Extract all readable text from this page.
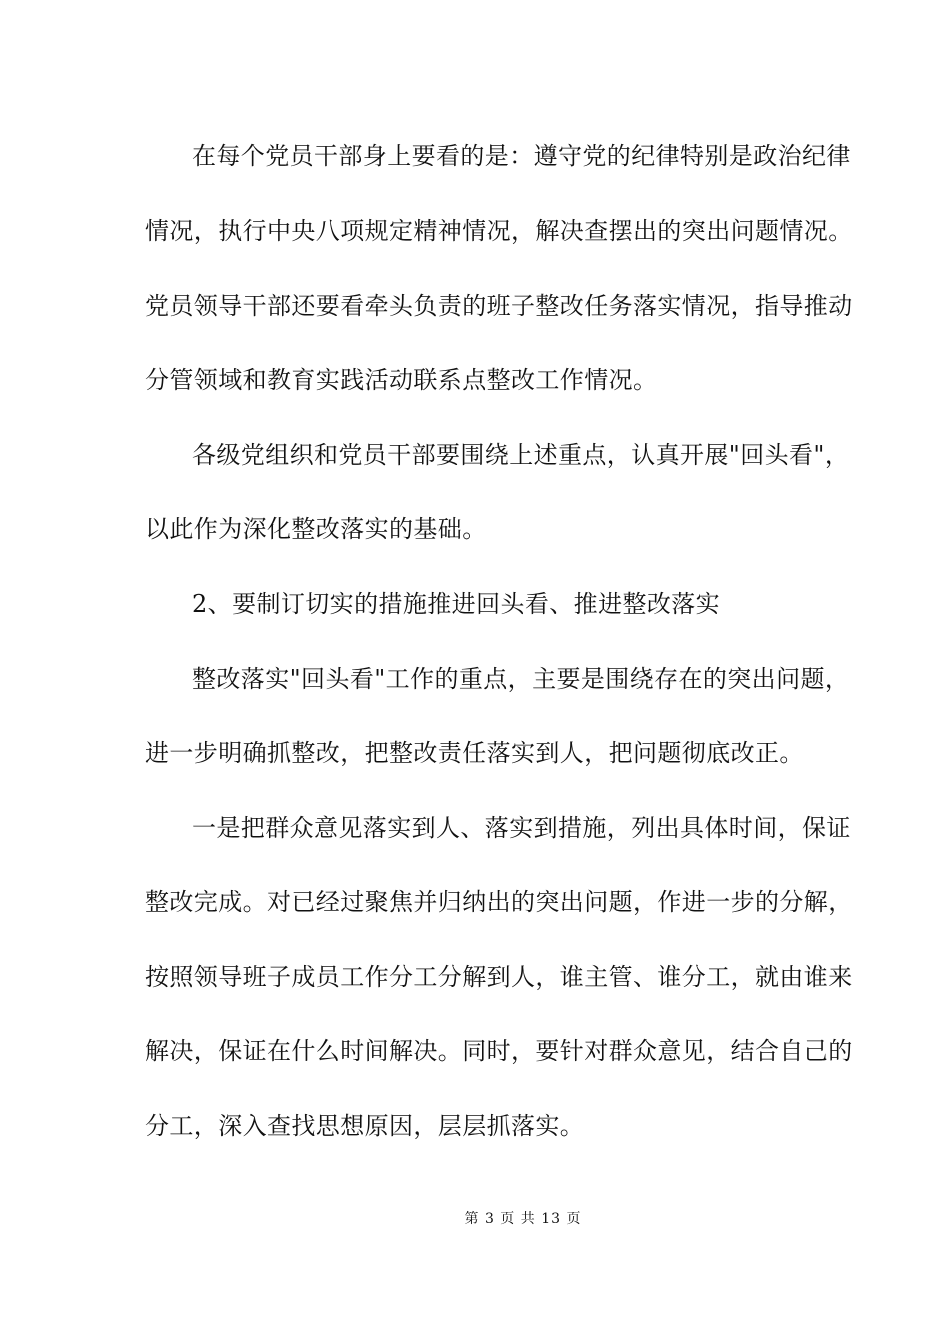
在每个党员干部身上要看的是：遵守党的纪律特别是政治纪律
情况，执行中央八项规定精神情况，解决查摆出的突出问题情况。
党员领导干部还要看牵头负责的班子整改任务落实情况，指导推动
分管领域和教育实践活动联系点整改工作情况。
各级党组织和党员干部要围绕上述重点，认真开展"回头看"，
以此作为深化整改落实的基础。
2、要制订切实的措施推进回头看、推进整改落实
整改落实"回头看"工作的重点，主要是围绕存在的突出问题，
进一步明确抓整改，把整改责任落实到人，把问题彻底改正。
一是把群众意见落实到人、落实到措施，列出具体时间，保证
整改完成。对已经过聚焦并归纳出的突出问题，作进一步的分解，
按照领导班子成员工作分工分解到人，谁主管、谁分工，就由谁来
解决，保证在什么时间解决。同时，要针对群众意见，结合自己的
分工，深入查找思想原因，层层抓落实。
第 3 页 共 13 页
